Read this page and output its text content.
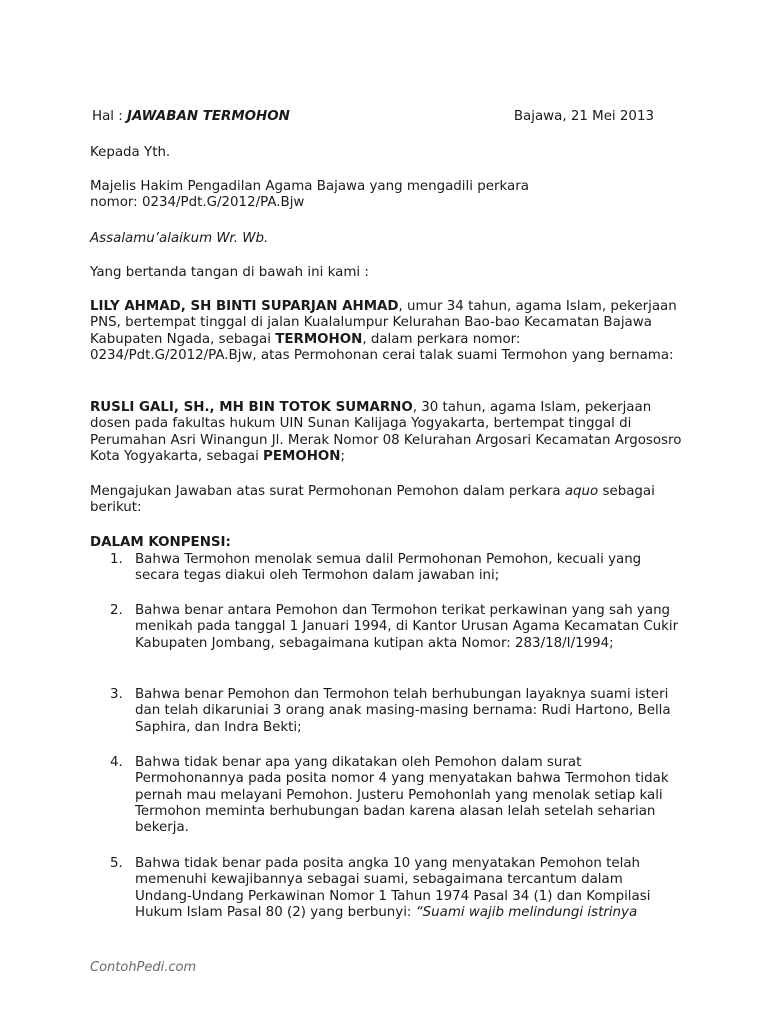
Hal : JAWABAN TERMOHON	Bajawa, 21 Mei 2013
Kepada Yth.
Majelis Hakim Pengadilan Agama Bajawa yang mengadili perkara
nomor: 0234/Pdt.G/2012/PA.Bjw
Assalamu’alaikum Wr. Wb.
Yang bertanda tangan di bawah ini kami :
LILY AHMAD, SH BINTI SUPARJAN AHMAD, umur 34 tahun, agama Islam, pekerjaan PNS, bertempat tinggal di jalan Kualalumpur Kelurahan Bao-bao Kecamatan Bajawa Kabupaten Ngada, sebagai TERMOHON, dalam perkara nomor: 0234/Pdt.G/2012/PA.Bjw, atas Permohonan cerai talak suami Termohon yang bernama:
RUSLI GALI, SH., MH BIN TOTOK SUMARNO, 30 tahun, agama Islam, pekerjaan dosen pada fakultas hukum UIN Sunan Kalijaga Yogyakarta, bertempat tinggal di Perumahan Asri Winangun Jl. Merak Nomor 08 Kelurahan Argosari Kecamatan Argososro Kota Yogyakarta, sebagai PEMOHON;
Mengajukan Jawaban atas surat Permohonan Pemohon dalam perkara aquo sebagai berikut:
DALAM KONPENSI:
1. Bahwa Termohon menolak semua dalil Permohonan Pemohon, kecuali yang secara tegas diakui oleh Termohon dalam jawaban ini;
2. Bahwa benar antara Pemohon dan Termohon terikat perkawinan yang sah yang menikah pada tanggal 1 Januari 1994, di Kantor Urusan Agama Kecamatan Cukir Kabupaten Jombang, sebagaimana kutipan akta Nomor: 283/18/I/1994;
3. Bahwa benar Pemohon dan Termohon telah berhubungan layaknya suami isteri dan telah dikaruniai 3 orang anak masing-masing bernama: Rudi Hartono, Bella Saphira, dan Indra Bekti;
4. Bahwa tidak benar apa yang dikatakan oleh Pemohon dalam surat Permohonannya pada posita nomor 4 yang menyatakan bahwa Termohon tidak pernah mau melayani Pemohon. Justeru Pemohonlah yang menolak setiap kali Termohon meminta berhubungan badan karena alasan lelah setelah seharian bekerja.
5. Bahwa tidak benar pada posita angka 10 yang menyatakan Pemohon telah memenuhi kewajibannya sebagai suami, sebagaimana tercantum dalam Undang-Undang Perkawinan Nomor 1 Tahun 1974 Pasal 34 (1) dan Kompilasi Hukum Islam Pasal 80 (2) yang berbunyi: “Suami wajib melindungi istrinya
ContohPedi.com
